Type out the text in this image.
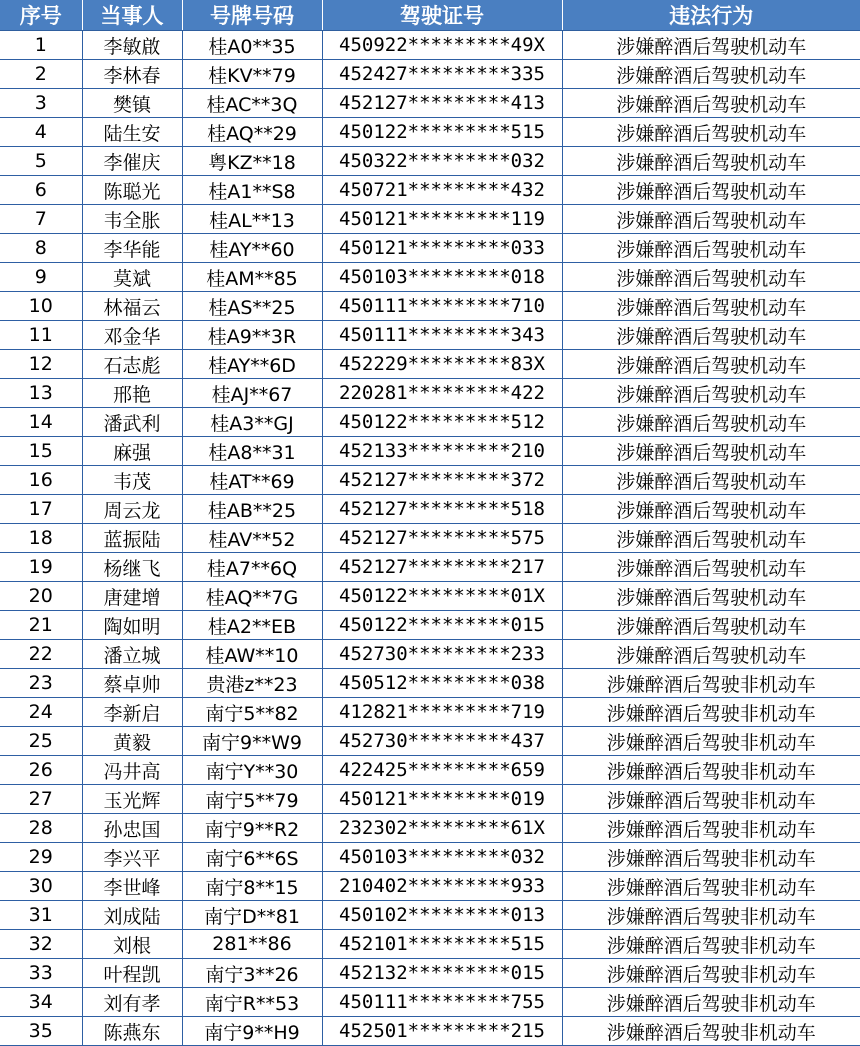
序号	当事人	号牌号码	驾驶证号	违法行为
1	李敏啟	桂A0**35	450922*********49X	涉嫌醉酒后驾驶机动车
2	李林春	桂KV**79	452427*********335	涉嫌醉酒后驾驶机动车
3	樊镇	桂AC**3Q	452127*********413	涉嫌醉酒后驾驶机动车
4	陆生安	桂AQ**29	450122*********515	涉嫌醉酒后驾驶机动车
5	李催庆	粤KZ**18	450322*********032	涉嫌醉酒后驾驶机动车
6	陈聪光	桂A1**S8	450721*********432	涉嫌醉酒后驾驶机动车
7	韦全胀	桂AL**13	450121*********119	涉嫌醉酒后驾驶机动车
8	李华能	桂AY**60	450121*********033	涉嫌醉酒后驾驶机动车
9	莫斌	桂AM**85	450103*********018	涉嫌醉酒后驾驶机动车
10	林福云	桂AS**25	450111*********710	涉嫌醉酒后驾驶机动车
11	邓金华	桂A9**3R	450111*********343	涉嫌醉酒后驾驶机动车
12	石志彪	桂AY**6D	452229*********83X	涉嫌醉酒后驾驶机动车
13	邢艳	桂AJ**67	220281*********422	涉嫌醉酒后驾驶机动车
14	潘武利	桂A3**GJ	450122*********512	涉嫌醉酒后驾驶机动车
15	麻强	桂A8**31	452133*********210	涉嫌醉酒后驾驶机动车
16	韦茂	桂AT**69	452127*********372	涉嫌醉酒后驾驶机动车
17	周云龙	桂AB**25	452127*********518	涉嫌醉酒后驾驶机动车
18	蓝振陆	桂AV**52	452127*********575	涉嫌醉酒后驾驶机动车
19	杨继飞	桂A7**6Q	452127*********217	涉嫌醉酒后驾驶机动车
20	唐建增	桂AQ**7G	450122*********01X	涉嫌醉酒后驾驶机动车
21	陶如明	桂A2**EB	450122*********015	涉嫌醉酒后驾驶机动车
22	潘立城	桂AW**10	452730*********233	涉嫌醉酒后驾驶机动车
23	蔡卓帅	贵港z**23	450512*********038	涉嫌醉酒后驾驶非机动车
24	李新启	南宁5**82	412821*********719	涉嫌醉酒后驾驶非机动车
25	黄毅	南宁9**W9	452730*********437	涉嫌醉酒后驾驶非机动车
26	冯井高	南宁Y**30	422425*********659	涉嫌醉酒后驾驶非机动车
27	玉光辉	南宁5**79	450121*********019	涉嫌醉酒后驾驶非机动车
28	孙忠国	南宁9**R2	232302*********61X	涉嫌醉酒后驾驶非机动车
29	李兴平	南宁6**6S	450103*********032	涉嫌醉酒后驾驶非机动车
30	李世峰	南宁8**15	210402*********933	涉嫌醉酒后驾驶非机动车
31	刘成陆	南宁D**81	450102*********013	涉嫌醉酒后驾驶非机动车
32	刘根	281**86	452101*********515	涉嫌醉酒后驾驶非机动车
33	叶程凯	南宁3**26	452132*********015	涉嫌醉酒后驾驶非机动车
34	刘有孝	南宁R**53	450111*********755	涉嫌醉酒后驾驶非机动车
35	陈燕东	南宁9**H9	452501*********215	涉嫌醉酒后驾驶非机动车
